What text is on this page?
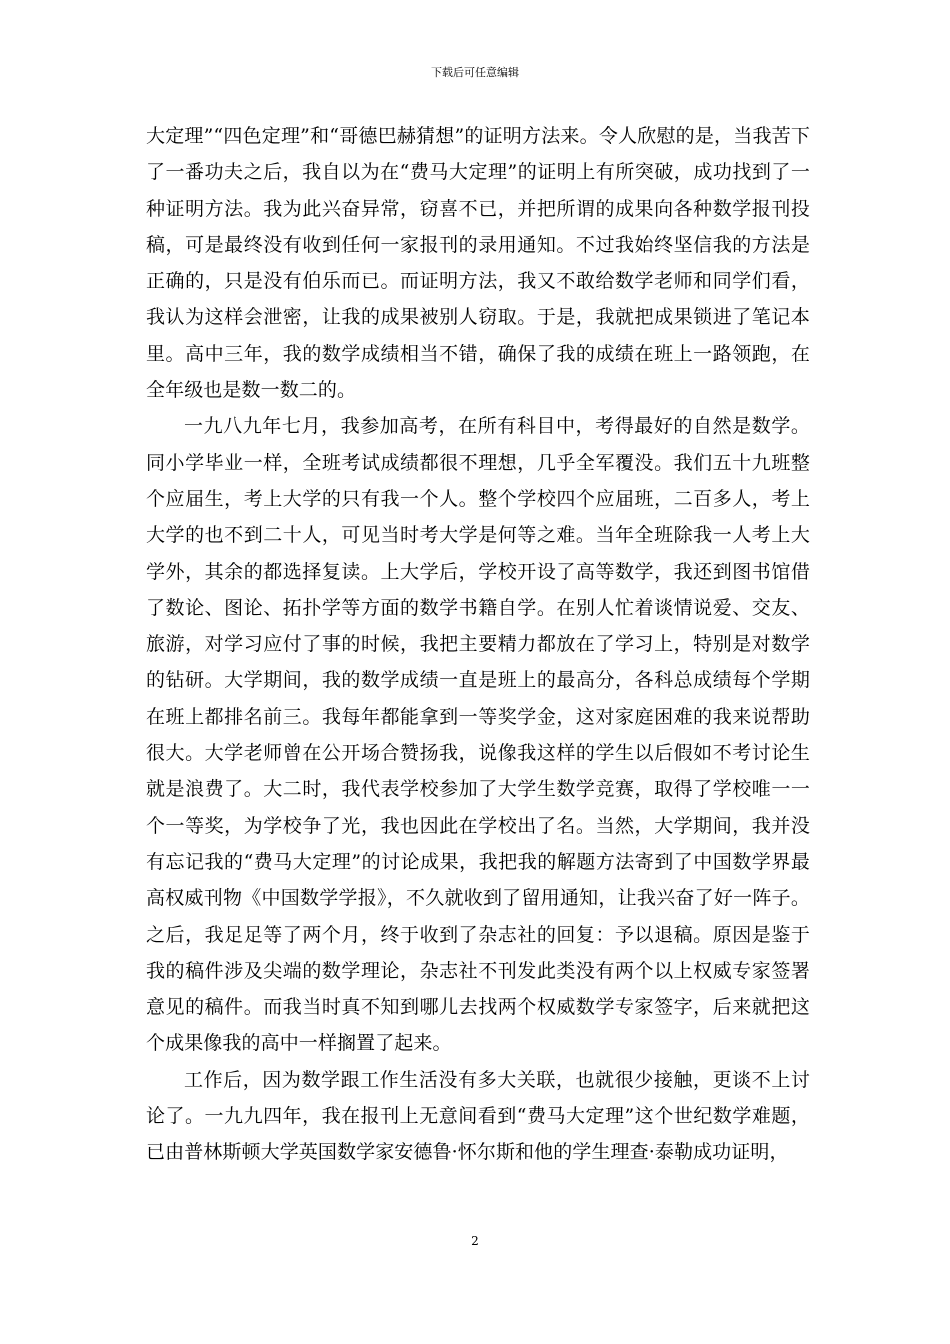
下载后可任意编辑

大定理”“四色定理”和“哥德巴赫猜想”的证明方法来。令人欣慰的是，当我苦下了一番功夫之后，我自以为在“费马大定理”的证明上有所突破，成功找到了一种证明方法。我为此兴奋异常，窃喜不已，并把所谓的成果向各种数学报刊投稿，可是最终没有收到任何一家报刊的录用通知。不过我始终坚信我的方法是正确的，只是没有伯乐而已。而证明方法，我又不敢给数学老师和同学们看，我认为这样会泄密，让我的成果被别人窃取。于是，我就把成果锁进了笔记本里。高中三年，我的数学成绩相当不错，确保了我的成绩在班上一路领跑，在全年级也是数一数二的。

一九八九年七月，我参加高考，在所有科目中，考得最好的自然是数学。同小学毕业一样，全班考试成绩都很不理想，几乎全军覆没。我们五十九班整个应届生，考上大学的只有我一个人。整个学校四个应届班，二百多人，考上大学的也不到二十人，可见当时考大学是何等之难。当年全班除我一人考上大学外，其余的都选择复读。上大学后，学校开设了高等数学，我还到图书馆借了数论、图论、拓扑学等方面的数学书籍自学。在别人忙着谈情说爱、交友、旅游，对学习应付了事的时候，我把主要精力都放在了学习上，特别是对数学的钻研。大学期间，我的数学成绩一直是班上的最高分，各科总成绩每个学期在班上都排名前三。我每年都能拿到一等奖学金，这对家庭困难的我来说帮助很大。大学老师曾在公开场合赞扬我，说像我这样的学生以后假如不考讨论生就是浪费了。大二时，我代表学校参加了大学生数学竞赛，取得了学校唯一一个一等奖，为学校争了光，我也因此在学校出了名。当然，大学期间，我并没有忘记我的“费马大定理”的讨论成果，我把我的解题方法寄到了中国数学界最高权威刊物《中国数学学报》，不久就收到了留用通知，让我兴奋了好一阵子。之后，我足足等了两个月，终于收到了杂志社的回复：予以退稿。原因是鉴于我的稿件涉及尖端的数学理论，杂志社不刊发此类没有两个以上权威专家签署意见的稿件。而我当时真不知到哪儿去找两个权威数学专家签字，后来就把这个成果像我的高中一样搁置了起来。

工作后，因为数学跟工作生活没有多大关联，也就很少接触，更谈不上讨论了。一九九四年，我在报刊上无意间看到“费马大定理”这个世纪数学难题，已由普林斯顿大学英国数学家安德鲁·怀尔斯和他的学生理查·泰勒成功证明，

2
